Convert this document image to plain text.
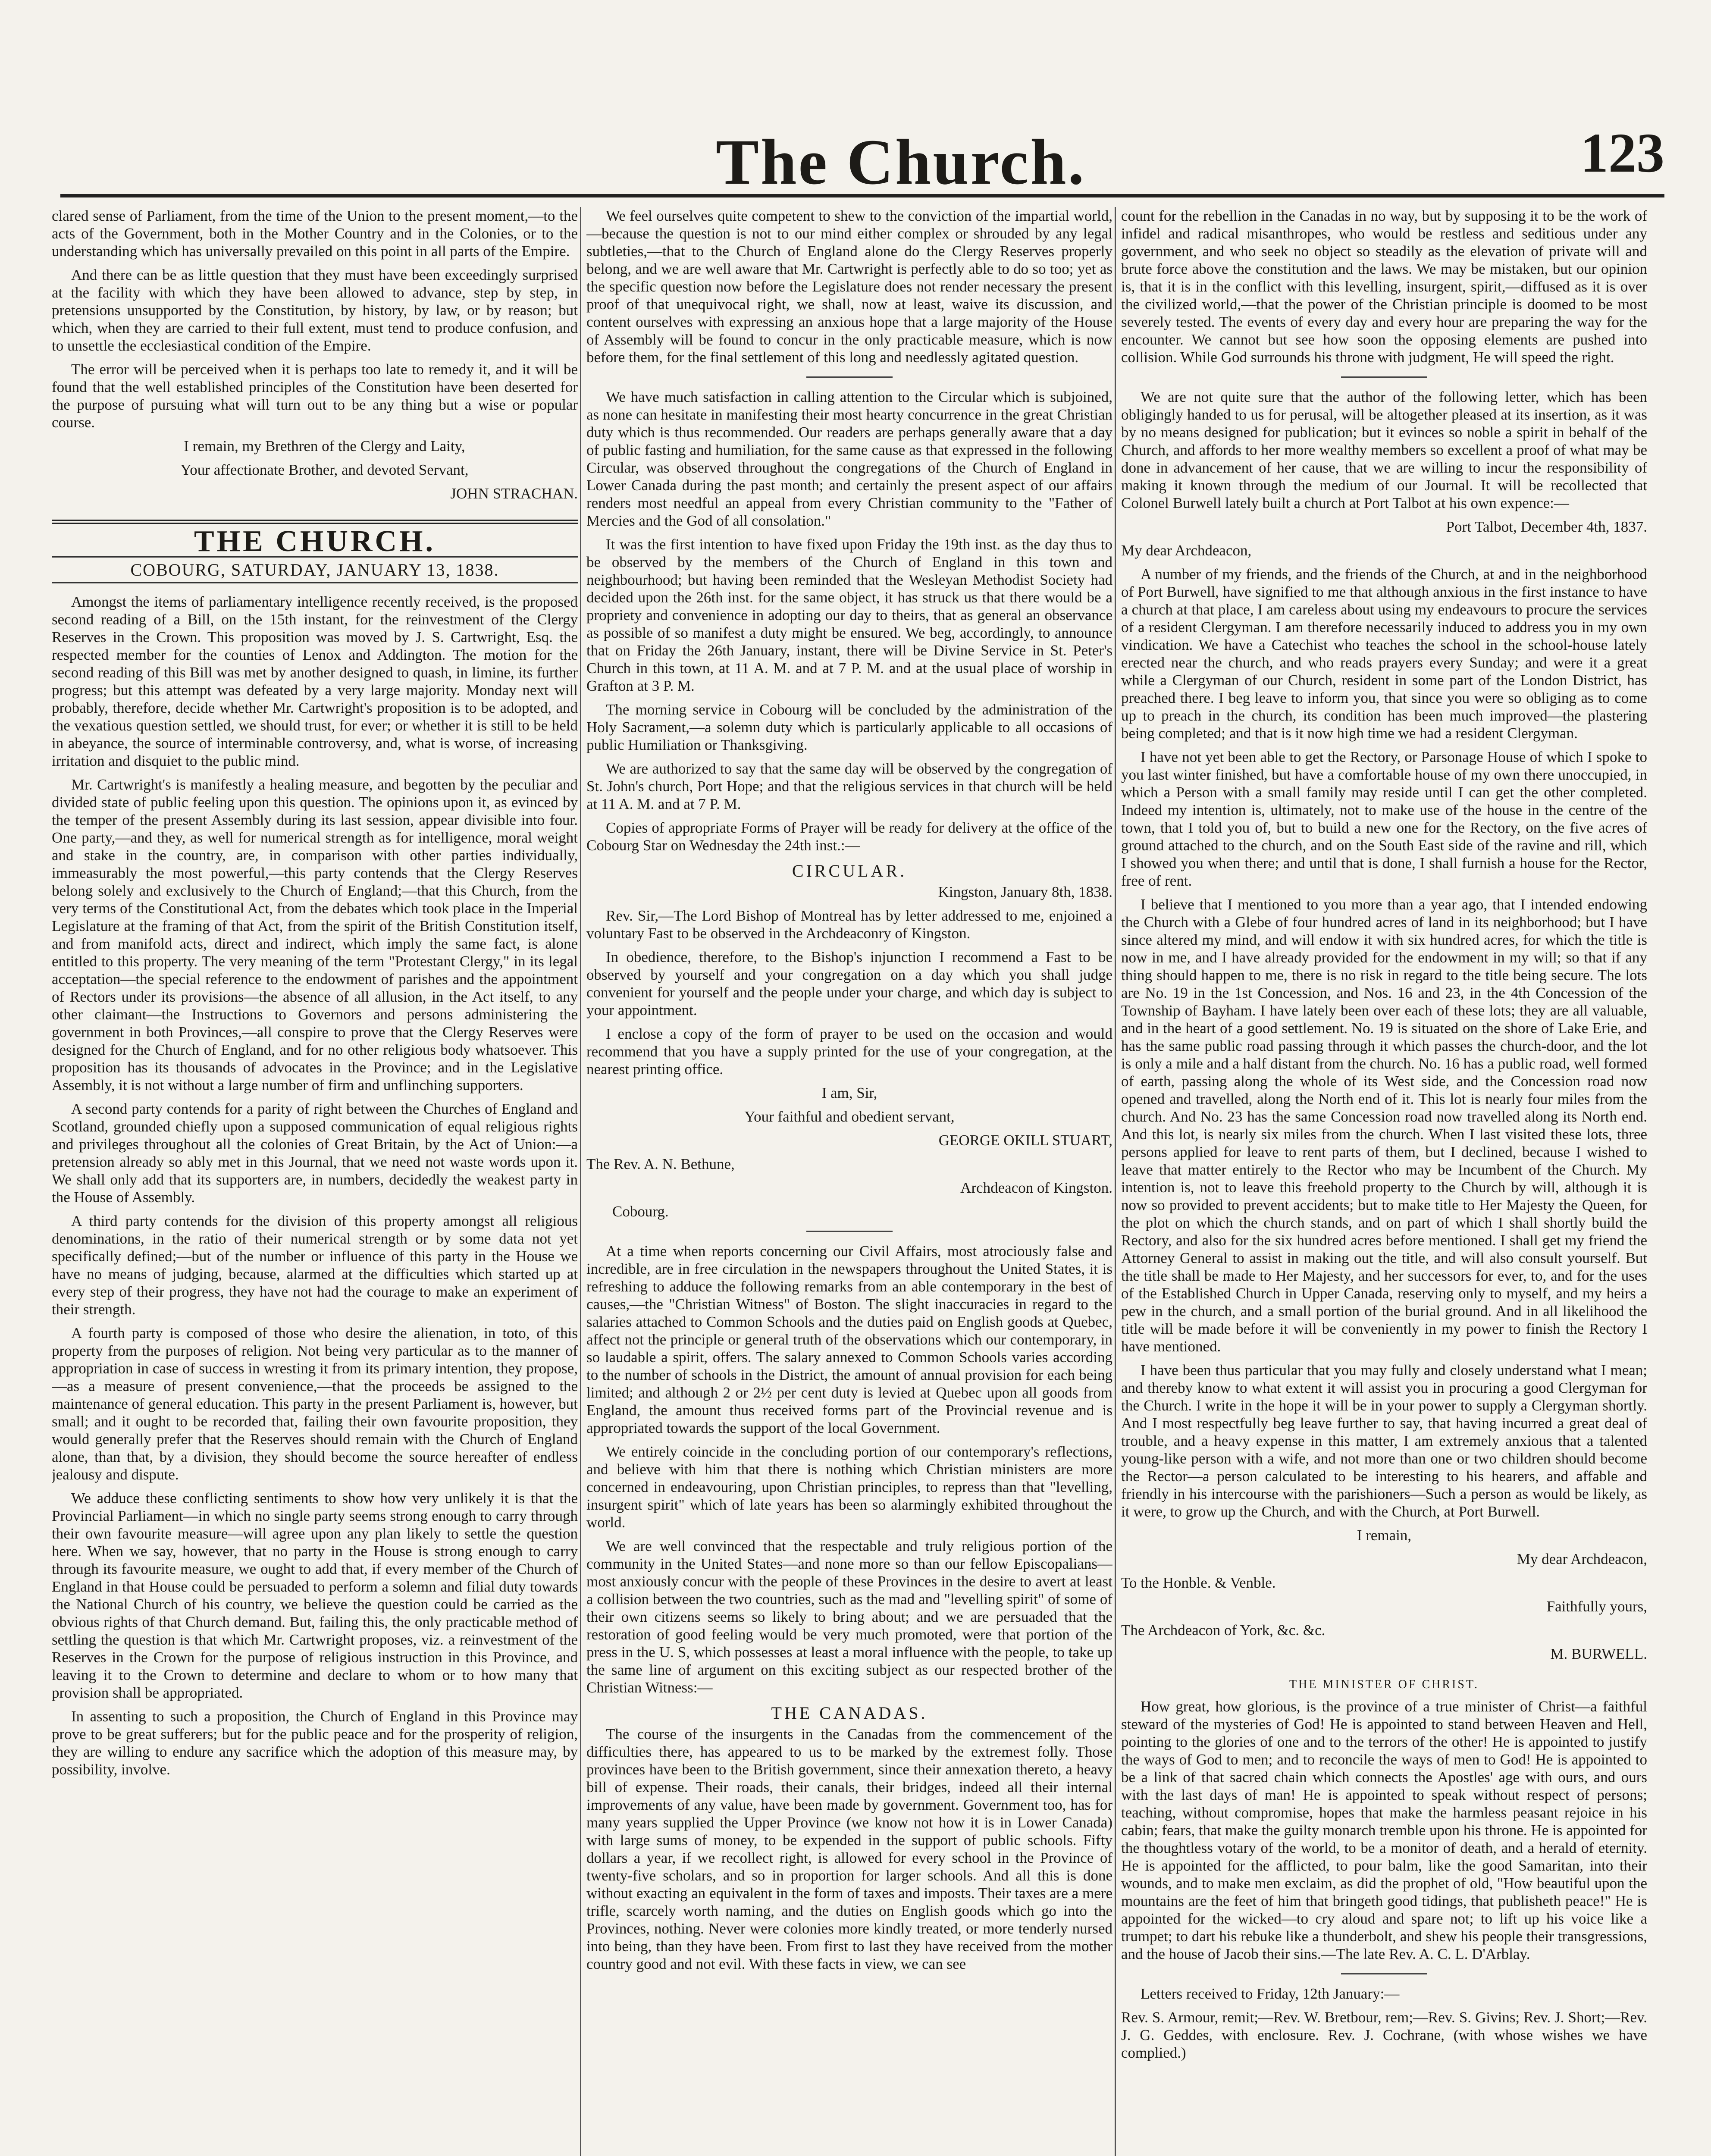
The Church.	123

clared sense of Parliament, from the time of the Union to the present moment,—to the acts of the Government, both in the Mother Country and in the Colonies, or to the understanding which has universally prevailed on this point in all parts of the Empire.

And there can be as little question that they must have been exceedingly surprised at the facility with which they have been allowed to advance, step by step, in pretensions unsupported by the Constitution, by history, by law, or by reason; but which, when they are carried to their full extent, must tend to produce confusion, and to unsettle the ecclesiastical condition of the Empire.

The error will be perceived when it is perhaps too late to remedy it, and it will be found that the well established principles of the Constitution have been deserted for the purpose of pursuing what will turn out to be any thing but a wise or popular course.

I remain, my Brethren of the Clergy and Laity,

Your affectionate Brother, and devoted Servant,

JOHN STRACHAN.
THE CHURCH.
COBOURG, SATURDAY, JANUARY 13, 1838.

Amongst the items of parliamentary intelligence recently received, is the proposed second reading of a Bill, on the 15th instant, for the reinvestment of the Clergy Reserves in the Crown. This proposition was moved by J. S. Cartwright, Esq. the respected member for the counties of Lenox and Addington. The motion for the second reading of this Bill was met by another designed to quash, in limine, its further progress; but this attempt was defeated by a very large majority. Monday next will probably, therefore, decide whether Mr. Cartwright's proposition is to be adopted, and the vexatious question settled, we should trust, for ever; or whether it is still to be held in abeyance, the source of interminable controversy, and, what is worse, of increasing irritation and disquiet to the public mind.

Mr. Cartwright's is manifestly a healing measure, and begotten by the peculiar and divided state of public feeling upon this question. The opinions upon it, as evinced by the temper of the present Assembly during its last session, appear divisible into four. One party,—and they, as well for numerical strength as for intelligence, moral weight and stake in the country, are, in comparison with other parties individually, immeasurably the most powerful,—this party contends that the Clergy Reserves belong solely and exclusively to the Church of England;—that this Church, from the very terms of the Constitutional Act, from the debates which took place in the Imperial Legislature at the framing of that Act, from the spirit of the British Constitution itself, and from manifold acts, direct and indirect, which imply the same fact, is alone entitled to this property. The very meaning of the term "Protestant Clergy," in its legal acceptation—the special reference to the endowment of parishes and the appointment of Rectors under its provisions—the absence of all allusion, in the Act itself, to any other claimant—the Instructions to Governors and persons administering the government in both Provinces,—all conspire to prove that the Clergy Reserves were designed for the Church of England, and for no other religious body whatsoever. This proposition has its thousands of advocates in the Province; and in the Legislative Assembly, it is not without a large number of firm and unflinching supporters.

A second party contends for a parity of right between the Churches of England and Scotland, grounded chiefly upon a supposed communication of equal religious rights and privileges throughout all the colonies of Great Britain, by the Act of Union:—a pretension already so ably met in this Journal, that we need not waste words upon it. We shall only add that its supporters are, in numbers, decidedly the weakest party in the House of Assembly.

A third party contends for the division of this property amongst all religious denominations, in the ratio of their numerical strength or by some data not yet specifically defined;—but of the number or influence of this party in the House we have no means of judging, because, alarmed at the difficulties which started up at every step of their progress, they have not had the courage to make an experiment of their strength.

A fourth party is composed of those who desire the alienation, in toto, of this property from the purposes of religion. Not being very particular as to the manner of appropriation in case of success in wresting it from its primary intention, they propose,—as a measure of present convenience,—that the proceeds be assigned to the maintenance of general education. This party in the present Parliament is, however, but small; and it ought to be recorded that, failing their own favourite proposition, they would generally prefer that the Reserves should remain with the Church of England alone, than that, by a division, they should become the source hereafter of endless jealousy and dispute.

We adduce these conflicting sentiments to show how very unlikely it is that the Provincial Parliament—in which no single party seems strong enough to carry through their own favourite measure—will agree upon any plan likely to settle the question here. When we say, however, that no party in the House is strong enough to carry through its favourite measure, we ought to add that, if every member of the Church of England in that House could be persuaded to perform a solemn and filial duty towards the National Church of his country, we believe the question could be carried as the obvious rights of that Church demand. But, failing this, the only practicable method of settling the question is that which Mr. Cartwright proposes, viz. a reinvestment of the Reserves in the Crown for the purpose of religious instruction in this Province, and leaving it to the Crown to determine and declare to whom or to how many that provision shall be appropriated.

In assenting to such a proposition, the Church of England in this Province may prove to be great sufferers; but for the public peace and for the prosperity of religion, they are willing to endure any sacrifice which the adoption of this measure may, by possibility, involve.

We feel ourselves quite competent to shew to the conviction of the impartial world,—because the question is not to our mind either complex or shrouded by any legal subtleties,—that to the Church of England alone do the Clergy Reserves properly belong, and we are well aware that Mr. Cartwright is perfectly able to do so too; yet as the specific question now before the Legislature does not render necessary the present proof of that unequivocal right, we shall, now at least, waive its discussion, and content ourselves with expressing an anxious hope that a large majority of the House of Assembly will be found to concur in the only practicable measure, which is now before them, for the final settlement of this long and needlessly agitated question.

We have much satisfaction in calling attention to the Circular which is subjoined, as none can hesitate in manifesting their most hearty concurrence in the great Christian duty which is thus recommended. Our readers are perhaps generally aware that a day of public fasting and humiliation, for the same cause as that expressed in the following Circular, was observed throughout the congregations of the Church of England in Lower Canada during the past month; and certainly the present aspect of our affairs renders most needful an appeal from every Christian community to the "Father of Mercies and the God of all consolation."

It was the first intention to have fixed upon Friday the 19th inst. as the day thus to be observed by the members of the Church of England in this town and neighbourhood; but having been reminded that the Wesleyan Methodist Society had decided upon the 26th inst. for the same object, it has struck us that there would be a propriety and convenience in adopting our day to theirs, that as general an observance as possible of so manifest a duty might be ensured. We beg, accordingly, to announce that on Friday the 26th January, instant, there will be Divine Service in St. Peter's Church in this town, at 11 A. M. and at 7 P. M. and at the usual place of worship in Grafton at 3 P. M.

The morning service in Cobourg will be concluded by the administration of the Holy Sacrament,—a solemn duty which is particularly applicable to all occasions of public Humiliation or Thanksgiving.

We are authorized to say that the same day will be observed by the congregation of St. John's church, Port Hope; and that the religious services in that church will be held at 11 A. M. and at 7 P. M.

Copies of appropriate Forms of Prayer will be ready for delivery at the office of the Cobourg Star on Wednesday the 24th inst.:—

CIRCULAR.
Kingston, January 8th, 1838.

Rev. Sir,—The Lord Bishop of Montreal has by letter addressed to me, enjoined a voluntary Fast to be observed in the Archdeaconry of Kingston.

In obedience, therefore, to the Bishop's injunction I recommend a Fast to be observed by yourself and your congregation on a day which you shall judge convenient for yourself and the people under your charge, and which day is subject to your appointment.

I enclose a copy of the form of prayer to be used on the occasion and would recommend that you have a supply printed for the use of your congregation, at the nearest printing office.

I am, Sir,
Your faithful and obedient servant,
GEORGE OKILL STUART,
The Rev. A. N. Bethune,
Archdeacon of Kingston.
Cobourg.

At a time when reports concerning our Civil Affairs, most atrociously false and incredible, are in free circulation in the newspapers throughout the United States, it is refreshing to adduce the following remarks from an able contemporary in the best of causes,—the "Christian Witness" of Boston. The slight inaccuracies in regard to the salaries attached to Common Schools and the duties paid on English goods at Quebec, affect not the principle or general truth of the observations which our contemporary, in so laudable a spirit, offers. The salary annexed to Common Schools varies according to the number of schools in the District, the amount of annual provision for each being limited; and although 2 or 2½ per cent duty is levied at Quebec upon all goods from England, the amount thus received forms part of the Provincial revenue and is appropriated towards the support of the local Government.

We entirely coincide in the concluding portion of our contemporary's reflections, and believe with him that there is nothing which Christian ministers are more concerned in endeavouring, upon Christian principles, to repress than that "levelling, insurgent spirit" which of late years has been so alarmingly exhibited throughout the world.

We are well convinced that the respectable and truly religious portion of the community in the United States—and none more so than our fellow Episcopalians—most anxiously concur with the people of these Provinces in the desire to avert at least a collision between the two countries, such as the mad and "levelling spirit" of some of their own citizens seems so likely to bring about; and we are persuaded that the restoration of good feeling would be very much promoted, were that portion of the press in the U. S, which possesses at least a moral influence with the people, to take up the same line of argument on this exciting subject as our respected brother of the Christian Witness:—

THE CANADAS.

The course of the insurgents in the Canadas from the commencement of the difficulties there, has appeared to us to be marked by the extremest folly. Those provinces have been to the British government, since their annexation thereto, a heavy bill of expense. Their roads, their canals, their bridges, indeed all their internal improvements of any value, have been made by government. Government too, has for many years supplied the Upper Province (we know not how it is in Lower Canada) with large sums of money, to be expended in the support of public schools. Fifty dollars a year, if we recollect right, is allowed for every school in the Province of twenty-five scholars, and so in proportion for larger schools. And all this is done without exacting an equivalent in the form of taxes and imposts. Their taxes are a mere trifle, scarcely worth naming, and the duties on English goods which go into the Provinces, nothing. Never were colonies more kindly treated, or more tenderly nursed into being, than they have been. From first to last they have received from the mother country good and not evil. With these facts in view, we can see

count for the rebellion in the Canadas in no way, but by supposing it to be the work of infidel and radical misanthropes, who would be restless and seditious under any government, and who seek no object so steadily as the elevation of private will and brute force above the constitution and the laws. We may be mistaken, but our opinion is, that it is in the conflict with this levelling, insurgent, spirit,—diffused as it is over the civilized world,—that the power of the Christian principle is doomed to be most severely tested. The events of every day and every hour are preparing the way for the encounter. We cannot but see how soon the opposing elements are pushed into collision. While God surrounds his throne with judgment, He will speed the right.

We are not quite sure that the author of the following letter, which has been obligingly handed to us for perusal, will be altogether pleased at its insertion, as it was by no means designed for publication; but it evinces so noble a spirit in behalf of the Church, and affords to her more wealthy members so excellent a proof of what may be done in advancement of her cause, that we are willing to incur the responsibility of making it known through the medium of our Journal. It will be recollected that Colonel Burwell lately built a church at Port Talbot at his own expence:—

Port Talbot, December 4th, 1837.
My dear Archdeacon,

A number of my friends, and the friends of the Church, at and in the neighborhood of Port Burwell, have signified to me that although anxious in the first instance to have a church at that place, I am careless about using my endeavours to procure the services of a resident Clergyman. I am therefore necessarily induced to address you in my own vindication. We have a Catechist who teaches the school in the school-house lately erected near the church, and who reads prayers every Sunday; and were it a great while a Clergyman of our Church, resident in some part of the London District, has preached there. I beg leave to inform you, that since you were so obliging as to come up to preach in the church, its condition has been much improved—the plastering being completed; and that is it now high time we had a resident Clergyman.

I have not yet been able to get the Rectory, or Parsonage House of which I spoke to you last winter finished, but have a comfortable house of my own there unoccupied, in which a Person with a small family may reside until I can get the other completed. Indeed my intention is, ultimately, not to make use of the house in the centre of the town, that I told you of, but to build a new one for the Rectory, on the five acres of ground attached to the church, and on the South East side of the ravine and rill, which I showed you when there; and until that is done, I shall furnish a house for the Rector, free of rent.

I believe that I mentioned to you more than a year ago, that I intended endowing the Church with a Glebe of four hundred acres of land in its neighborhood; but I have since altered my mind, and will endow it with six hundred acres, for which the title is now in me, and I have already provided for the endowment in my will; so that if any thing should happen to me, there is no risk in regard to the title being secure. The lots are No. 19 in the 1st Concession, and Nos. 16 and 23, in the 4th Concession of the Township of Bayham. I have lately been over each of these lots; they are all valuable, and in the heart of a good settlement. No. 19 is situated on the shore of Lake Erie, and has the same public road passing through it which passes the church-door, and the lot is only a mile and a half distant from the church. No. 16 has a public road, well formed of earth, passing along the whole of its West side, and the Concession road now opened and travelled, along the North end of it. This lot is nearly four miles from the church. And No. 23 has the same Concession road now travelled along its North end. And this lot, is nearly six miles from the church. When I last visited these lots, three persons applied for leave to rent parts of them, but I declined, because I wished to leave that matter entirely to the Rector who may be Incumbent of the Church. My intention is, not to leave this freehold property to the Church by will, although it is now so provided to prevent accidents; but to make title to Her Majesty the Queen, for the plot on which the church stands, and on part of which I shall shortly build the Rectory, and also for the six hundred acres before mentioned. I shall get my friend the Attorney General to assist in making out the title, and will also consult yourself. But the title shall be made to Her Majesty, and her successors for ever, to, and for the uses of the Established Church in Upper Canada, reserving only to myself, and my heirs a pew in the church, and a small portion of the burial ground. And in all likelihood the title will be made before it will be conveniently in my power to finish the Rectory I have mentioned.

I have been thus particular that you may fully and closely understand what I mean; and thereby know to what extent it will assist you in procuring a good Clergyman for the Church. I write in the hope it will be in your power to supply a Clergyman shortly. And I most respectfully beg leave further to say, that having incurred a great deal of trouble, and a heavy expense in this matter, I am extremely anxious that a talented young-like person with a wife, and not more than one or two children should become the Rector—a person calculated to be interesting to his hearers, and affable and friendly in his intercourse with the parishioners—Such a person as would be likely, as it were, to grow up the Church, and with the Church, at Port Burwell.

I remain,
My dear Archdeacon,
To the Honble. & Venble.
Faithfully yours,
The Archdeacon of York, &c. &c.
M. BURWELL.
THE MINISTER OF CHRIST.

How great, how glorious, is the province of a true minister of Christ—a faithful steward of the mysteries of God! He is appointed to stand between Heaven and Hell, pointing to the glories of one and to the terrors of the other! He is appointed to justify the ways of God to men; and to reconcile the ways of men to God! He is appointed to be a link of that sacred chain which connects the Apostles' age with ours, and ours with the last days of man! He is appointed to speak without respect of persons; teaching, without compromise, hopes that make the harmless peasant rejoice in his cabin; fears, that make the guilty monarch tremble upon his throne. He is appointed for the thoughtless votary of the world, to be a monitor of death, and a herald of eternity. He is appointed for the afflicted, to pour balm, like the good Samaritan, into their wounds, and to make men exclaim, as did the prophet of old, "How beautiful upon the mountains are the feet of him that bringeth good tidings, that publisheth peace!" He is appointed for the wicked—to cry aloud and spare not; to lift up his voice like a trumpet; to dart his rebuke like a thunderbolt, and shew his people their transgressions, and the house of Jacob their sins.—The late Rev. A. C. L. D'Arblay.

Letters received to Friday, 12th January:—

Rev. S. Armour, remit;—Rev. W. Bretbour, rem;—Rev. S. Givins; Rev. J. Short;—Rev. J. G. Geddes, with enclosure. Rev. J. Cochrane, (with whose wishes we have complied.)
